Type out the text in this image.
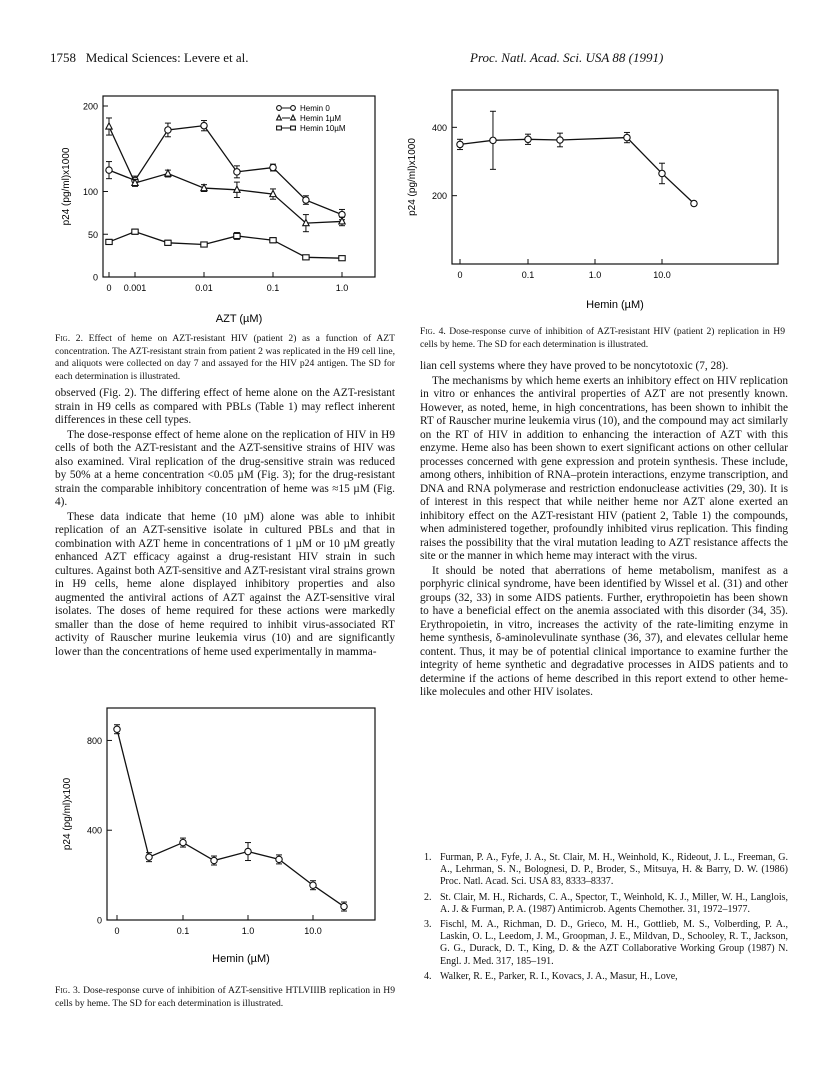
1758 Medical Sciences: Levere et al.	Proc. Natl. Acad. Sci. USA 88 (1991)
0
50
100
200
0 0.001	0.01	0.1	1.0
p24 (pg/ml)x1000
AZT (µM)
Hemin 0
Hemin 1µM
Hemin 10µM
Fig. 2. Effect of heme on AZT-resistant HIV (patient 2) as a function of AZT concentration. The AZT-resistant strain from patient 2 was replicated in the H9 cell line, and aliquots were collected on day 7 and assayed for the HIV p24 antigen. The SD for each determination is illustrated.
200
400
0	0.1	1.0	10.0
p24 (pg/ml)x1000
Hemin (µM)
Fig. 4. Dose-response curve of inhibition of AZT-resistant HIV (patient 2) replication in H9 cells by heme. The SD for each determination is illustrated.

observed (Fig. 2). The differing effect of heme alone on the AZT-resistant strain in H9 cells as compared with PBLs (Table 1) may reflect inherent differences in these cell types.

The dose-response effect of heme alone on the replication of HIV in H9 cells of both the AZT-resistant and the AZT-sensitive strains of HIV was also examined. Viral replication of the drug-sensitive strain was reduced by 50% at a heme concentration <0.05 µM (Fig. 3); for the drug-resistant strain the comparable inhibitory concentration of heme was ≈15 µM (Fig. 4).

These data indicate that heme (10 µM) alone was able to inhibit replication of an AZT-sensitive isolate in cultured PBLs and that in combination with AZT heme in concentrations of 1 µM or 10 µM greatly enhanced AZT efficacy against a drug-resistant HIV strain in such cultures. Against both AZT-sensitive and AZT-resistant viral strains grown in H9 cells, heme alone displayed inhibitory properties and also augmented the antiviral actions of AZT against the AZT-sensitive viral isolates. The doses of heme required for these actions were markedly smaller than the dose of heme required to inhibit virus-associated RT activity of Rauscher murine leukemia virus (10) and are significantly lower than the concentrations of heme used experimentally in mamma-

0
400
800
0	0.1	1.0	10.0
p24 (pg/ml)x100
Hemin (µM)
Fig. 3. Dose-response curve of inhibition of AZT-sensitive HTLVIIIB replication in H9 cells by heme. The SD for each determination is illustrated.

lian cell systems where they have proved to be noncytotoxic (7, 28).

The mechanisms by which heme exerts an inhibitory effect on HIV replication in vitro or enhances the antiviral properties of AZT are not presently known. However, as noted, heme, in high concentrations, has been shown to inhibit the RT of Rauscher murine leukemia virus (10), and the compound may act similarly on the RT of HIV in addition to enhancing the interaction of AZT with this enzyme. Heme also has been shown to exert significant actions on other cellular processes concerned with gene expression and protein synthesis. These include, among others, inhibition of RNA–protein interactions, enzyme transcription, and DNA and RNA polymerase and restriction endonuclease activities (29, 30). It is of interest in this respect that while neither heme nor AZT alone exerted an inhibitory effect on the AZT-resistant HIV (patient 2, Table 1) the compounds, when administered together, profoundly inhibited virus replication. This finding raises the possibility that the viral mutation leading to AZT resistance affects the site or the manner in which heme may interact with the virus.

It should be noted that aberrations of heme metabolism, manifest as a porphyric clinical syndrome, have been identified by Wissel et al. (31) and other groups (32, 33) in some AIDS patients. Further, erythropoietin has been shown to have a beneficial effect on the anemia associated with this disorder (34, 35). Erythropoietin, in vitro, increases the activity of the rate-limiting enzyme in heme synthesis, δ-aminolevulinate synthase (36, 37), and elevates cellular heme content. Thus, it may be of potential clinical importance to examine further the integrity of heme synthetic and degradative processes in AIDS patients and to determine if the actions of heme described in this report extend to other heme-like molecules and other HIV isolates.

1. Furman, P. A., Fyfe, J. A., St. Clair, M. H., Weinhold, K., Rideout, J. L., Freeman, G. A., Lehrman, S. N., Bolognesi, D. P., Broder, S., Mitsuya, H. & Barry, D. W. (1986) Proc. Natl. Acad. Sci. USA 83, 8333–8337.
2. St. Clair, M. H., Richards, C. A., Spector, T., Weinhold, K. J., Miller, W. H., Langlois, A. J. & Furman, P. A. (1987) Antimicrob. Agents Chemother. 31, 1972–1977.
3. Fischl, M. A., Richman, D. D., Grieco, M. H., Gottlieb, M. S., Volberding, P. A., Laskin, O. L., Leedom, J. M., Groopman, J. E., Mildvan, D., Schooley, R. T., Jackson, G. G., Durack, D. T., King, D. & the AZT Collaborative Working Group (1987) N. Engl. J. Med. 317, 185–191.
4. Walker, R. E., Parker, R. I., Kovacs, J. A., Masur, H., Love,
